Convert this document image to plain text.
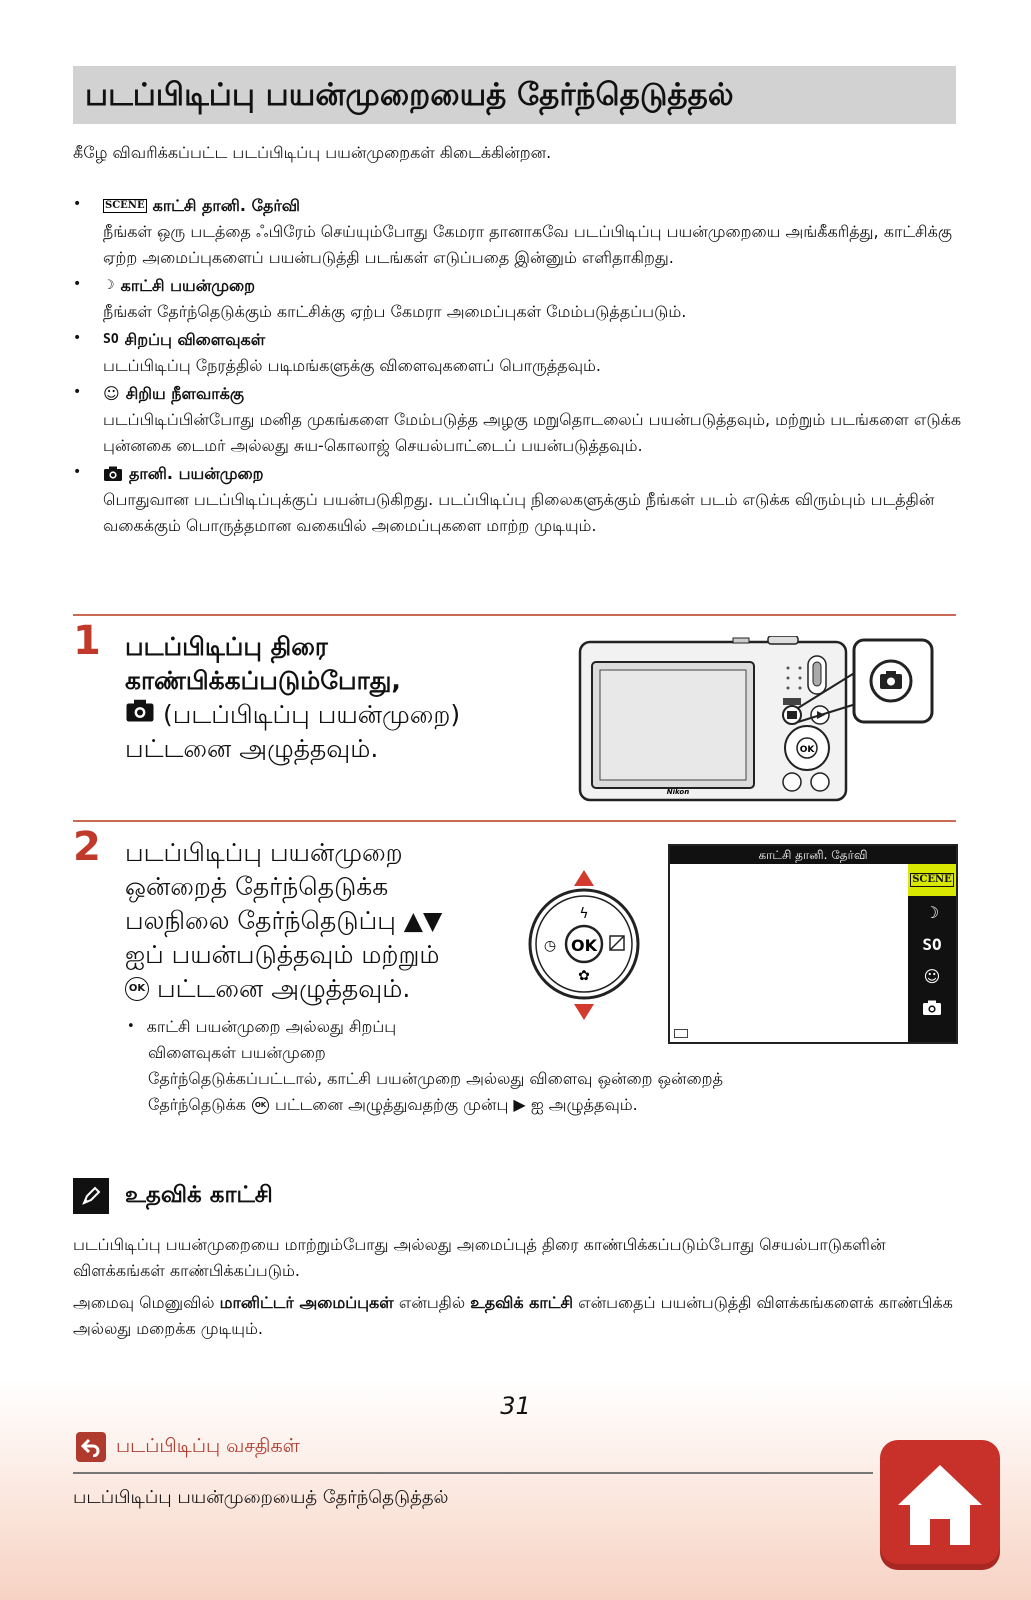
படப்பிடிப்பு பயன்முறையைத் தேர்ந்தெடுத்தல்
கீழே விவரிக்கப்பட்ட படப்பிடிப்பு பயன்முறைகள் கிடைக்கின்றன.
• SCENE காட்சி தானி. தேர்வி
நீங்கள் ஒரு படத்தை ஃபிரேம் செய்யும்போது கேமரா தானாகவே படப்பிடிப்பு பயன்முறையை அங்கீகரித்து, காட்சிக்கு ஏற்ற அமைப்புகளைப் பயன்படுத்தி படங்கள் எடுப்பதை இன்னும் எளிதாகிறது.
• ☽ காட்சி பயன்முறை
நீங்கள் தேர்ந்தெடுக்கும் காட்சிக்கு ஏற்ப கேமரா அமைப்புகள் மேம்படுத்தப்படும்.
• SO சிறப்பு விளைவுகள்
படப்பிடிப்பு நேரத்தில் படிமங்களுக்கு விளைவுகளைப் பொருத்தவும்.
• ☺ சிறிய நீளவாக்கு
படப்பிடிப்பின்போது மனித முகங்களை மேம்படுத்த அழகு மறுதொடலைப் பயன்படுத்தவும், மற்றும் படங்களை எடுக்க புன்னகை டைமர் அல்லது சுய-கொலாஜ் செயல்பாட்டைப் பயன்படுத்தவும்.
•	தானி. பயன்முறை
பொதுவான படப்பிடிப்புக்குப் பயன்படுகிறது. படப்பிடிப்பு நிலைகளுக்கும் நீங்கள் படம் எடுக்க விரும்பும் படத்தின் வகைக்கும் பொருத்தமான வகையில் அமைப்புகளை மாற்ற முடியும்.
1 படப்பிடிப்பு திரை
காண்பிக்கப்படும்போது,
(படப்பிடிப்பு பயன்முறை)
பட்டனை அழுத்தவும்.	OK
Nikon
2 படப்பிடிப்பு பயன்முறை
ஒன்றைத் தேர்ந்தெடுக்க
பலநிலை தேர்ந்தெடுப்பு ▲▼
ஐப் பயன்படுத்தவும் மற்றும்
OK பட்டனை அழுத்தவும்.
• காட்சி பயன்முறை அல்லது சிறப்பு
விளைவுகள் பயன்முறை
தேர்ந்தெடுக்கப்பட்டால், காட்சி பயன்முறை அல்லது விளைவு ஒன்றை ஒன்றைத்
தேர்ந்தெடுக்க	OK பட்டனை அழுத்துவதற்கு முன்பு ▶ ஐ அழுத்தவும்.
OK
ϟ
✿
◷
காட்சி தானி. தேர்வி
SCENE
☽
SO
☺
உதவிக் காட்சி

படப்பிடிப்பு பயன்முறையை மாற்றும்போது அல்லது அமைப்புத் திரை காண்பிக்கப்படும்போது செயல்பாடுகளின் விளக்கங்கள் காண்பிக்கப்படும்.

அமைவு மெனுவில் மானிட்டர் அமைப்புகள் என்பதில் உதவிக் காட்சி என்பதைப் பயன்படுத்தி விளக்கங்களைக் காண்பிக்க அல்லது மறைக்க முடியும்.

31
படப்பிடிப்பு வசதிகள்
படப்பிடிப்பு பயன்முறையைத் தேர்ந்தெடுத்தல்
